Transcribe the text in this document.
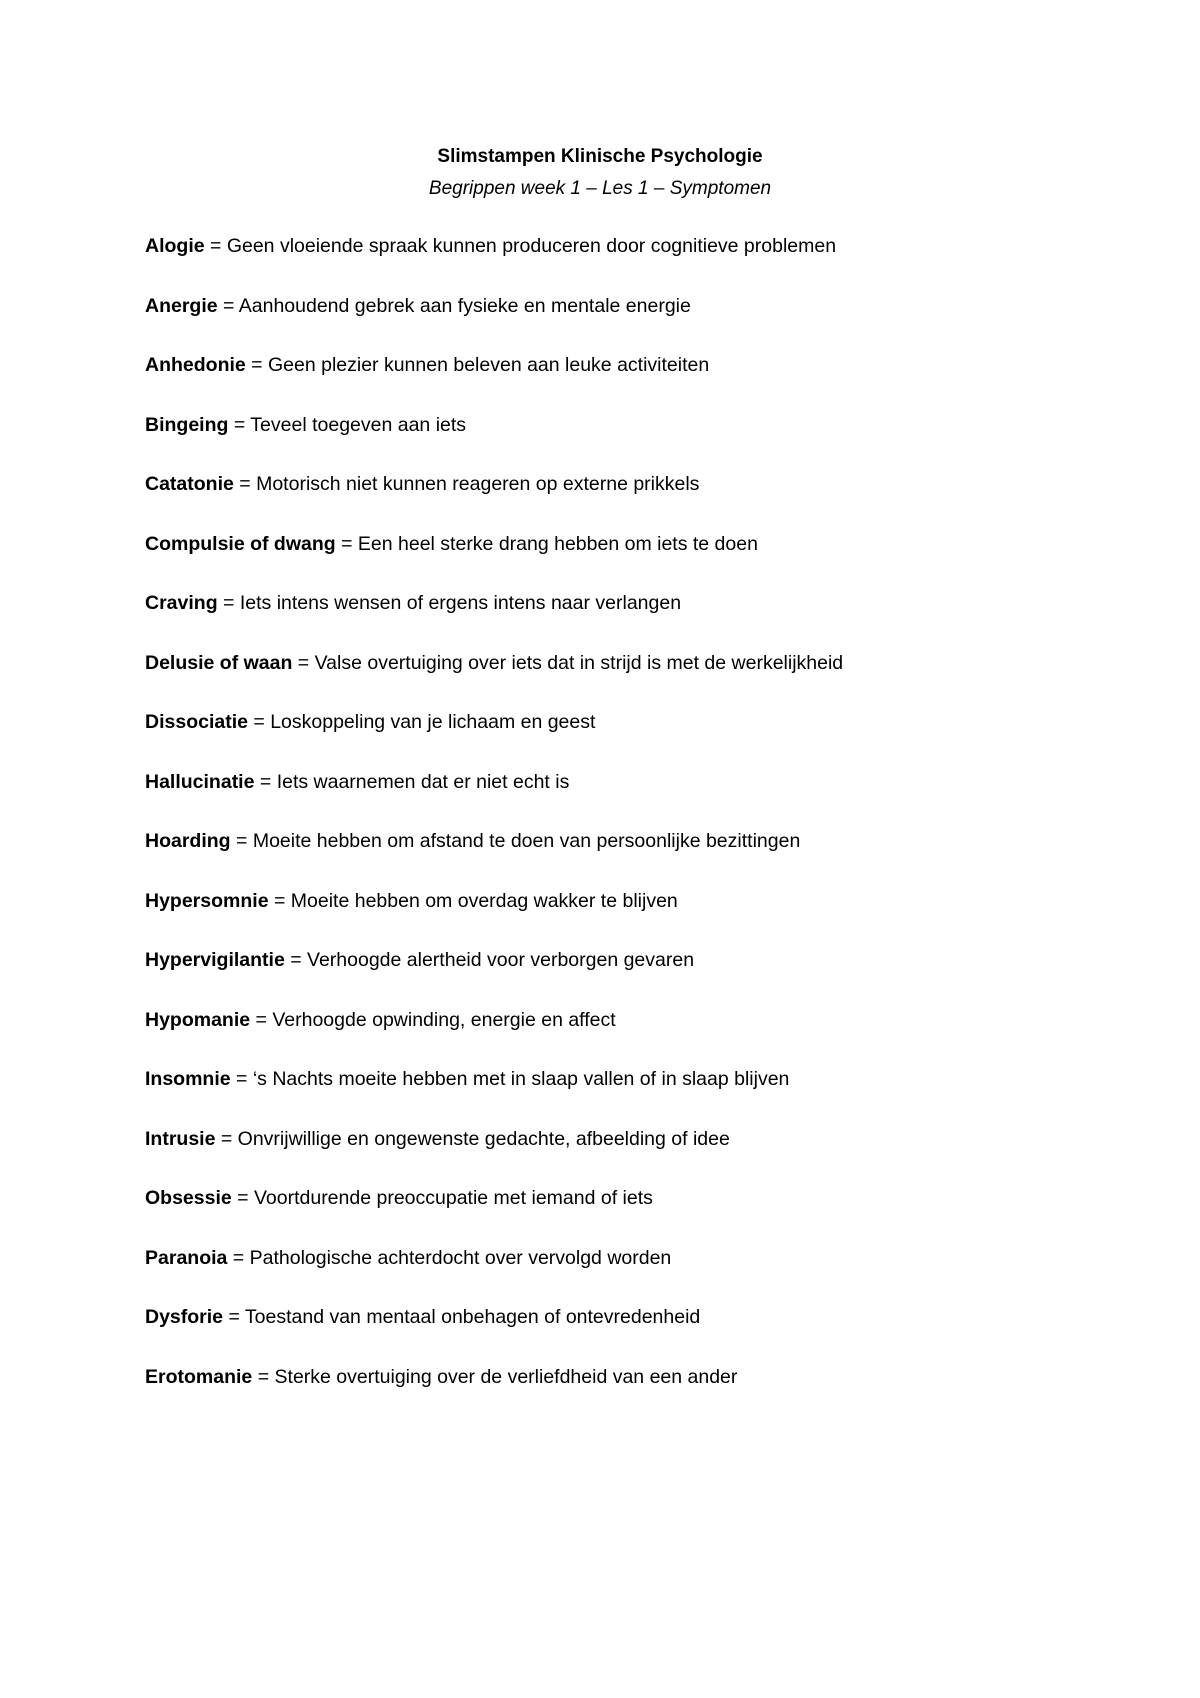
Slimstampen Klinische Psychologie

Begrippen week 1 – Les 1 – Symptomen

Alogie = Geen vloeiende spraak kunnen produceren door cognitieve problemen
Anergie = Aanhoudend gebrek aan fysieke en mentale energie
Anhedonie = Geen plezier kunnen beleven aan leuke activiteiten
Bingeing = Teveel toegeven aan iets
Catatonie = Motorisch niet kunnen reageren op externe prikkels
Compulsie of dwang = Een heel sterke drang hebben om iets te doen
Craving = Iets intens wensen of ergens intens naar verlangen
Delusie of waan = Valse overtuiging over iets dat in strijd is met de werkelijkheid
Dissociatie = Loskoppeling van je lichaam en geest
Hallucinatie = Iets waarnemen dat er niet echt is
Hoarding = Moeite hebben om afstand te doen van persoonlijke bezittingen
Hypersomnie = Moeite hebben om overdag wakker te blijven
Hypervigilantie = Verhoogde alertheid voor verborgen gevaren
Hypomanie = Verhoogde opwinding, energie en affect
Insomnie = ‘s Nachts moeite hebben met in slaap vallen of in slaap blijven
Intrusie = Onvrijwillige en ongewenste gedachte, afbeelding of idee
Obsessie = Voortdurende preoccupatie met iemand of iets
Paranoia = Pathologische achterdocht over vervolgd worden
Dysforie = Toestand van mentaal onbehagen of ontevredenheid
Erotomanie = Sterke overtuiging over de verliefdheid van een ander
